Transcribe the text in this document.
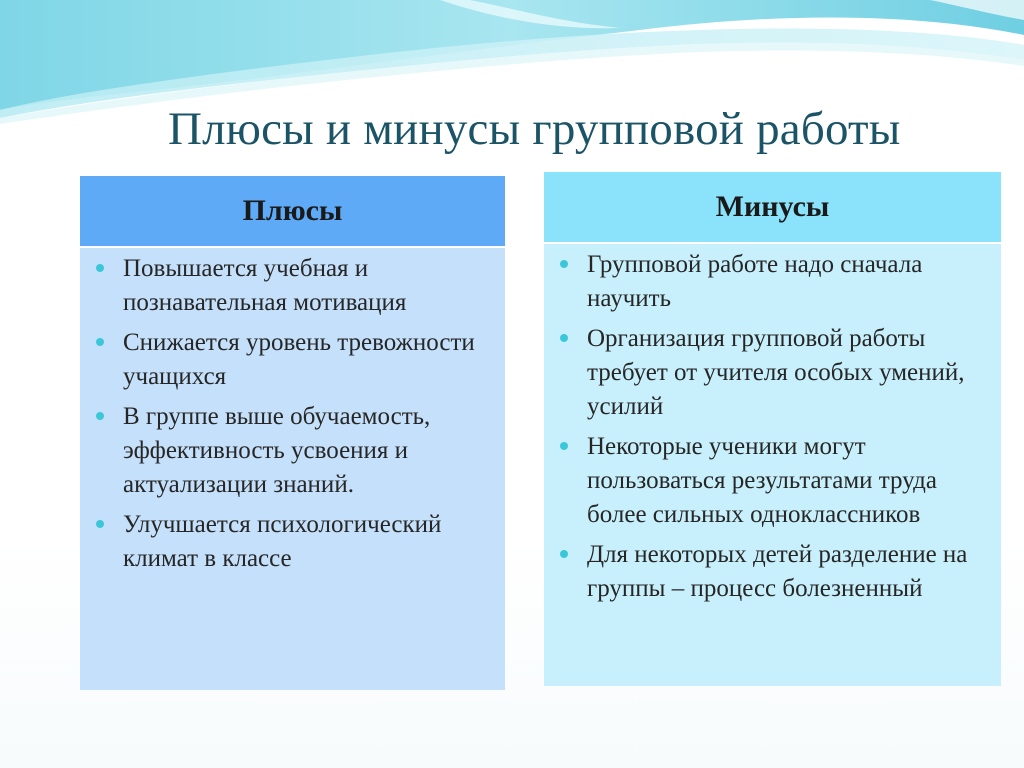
Плюсы и минусы групповой работы
Плюсы
Повышается учебная и познавательная мотивация
Снижается уровень тревожности учащихся
В группе выше обучаемость, эффективность усвоения и актуализации знаний.
Улучшается психологический климат в классе
Минусы
Групповой работе надо сначала научить
Организация групповой работы требует от учителя особых умений, усилий
Некоторые ученики могут пользоваться результатами труда более сильных одноклассников
Для некоторых детей разделение на группы – процесс болезненный
